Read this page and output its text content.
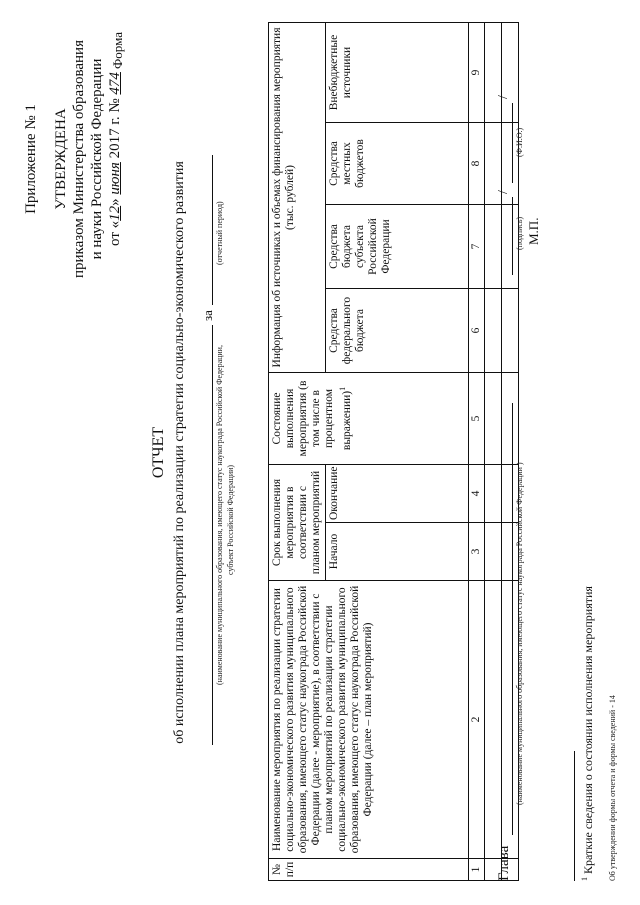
Приложение № 1 УТВЕРЖДЕНА приказом Министерства образования и науки Российской Федерации от «12» июня 2017 г. № 474
Форма
ОТЧЕТ об исполнении плана мероприятий по реализации стратегии социально-экономического развития	(наименование муниципального образования, имеющего статус наукограда Российской Федерации, субъект Российской Федерации)
за
(отчетный период)
№ п/п	Наименование мероприятия по реализации стратегии социально-экономического развития муниципального образования, имеющего статус наукограда Российской Федерации (далее - мероприятие), в соответствии с планом мероприятий по реализации стратегии социально-экономического развития муниципального образования, имеющего статус наукограда Российской Федерации (далее – план мероприятий)	Срок выполнения мероприятия в соответствии с планом мероприятий		Состояние выполнения мероприятия (в том числе в процентном выражении)$^1$	Информация об источниках и объемах финансирования мероприятия (тыс. рублей)			
		Начало	Окончание		Средства федерального бюджета	Средства бюджета субъекта Российской Федерации	Средства местных бюджетов	Внебюджетные источники
1	2	3	4	5	6	7	8	9

Глава
(наименование муниципального образования, имеющего статус наукограда Российской Федерации )
/
/
(подпись)
(Ф.И.О.)
М.П.
$^1$ Краткие сведения о состоянии исполнения мероприятия Об утверждении формы отчета и формы сведений - 14
